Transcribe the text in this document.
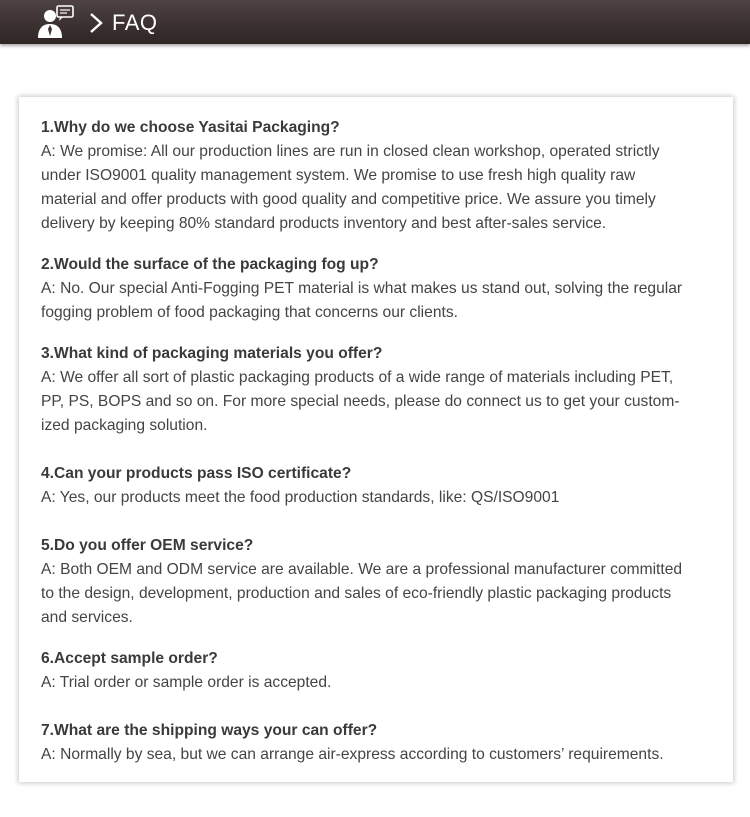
FAQ
1.Why do we choose Yasitai Packaging?
A: We promise: All our production lines are run in closed clean workshop, operated strictly
under ISO9001 quality management system. We promise to use fresh high quality raw
material and offer products with good quality and competitive price. We assure you timely
delivery by keeping 80% standard products inventory and best after-sales service.
2.Would the surface of the packaging fog up?
A: No. Our special Anti-Fogging PET material is what makes us stand out, solving the regular
fogging problem of food packaging that concerns our clients.
3.What kind of packaging materials you offer?
A: We offer all sort of plastic packaging products of a wide range of materials including PET,
PP, PS, BOPS and so on. For more special needs, please do connect us to get your custom-
ized packaging solution.
4.Can your products pass ISO certificate?
A: Yes, our products meet the food production standards, like: QS/ISO9001
5.Do you offer OEM service?
A: Both OEM and ODM service are available. We are a professional manufacturer committed
to the design, development, production and sales of eco-friendly plastic packaging products
and services.
6.Accept sample order?
A: Trial order or sample order is accepted.
7.What are the shipping ways your can offer?
A: Normally by sea, but we can arrange air-express according to customers’ requirements.
